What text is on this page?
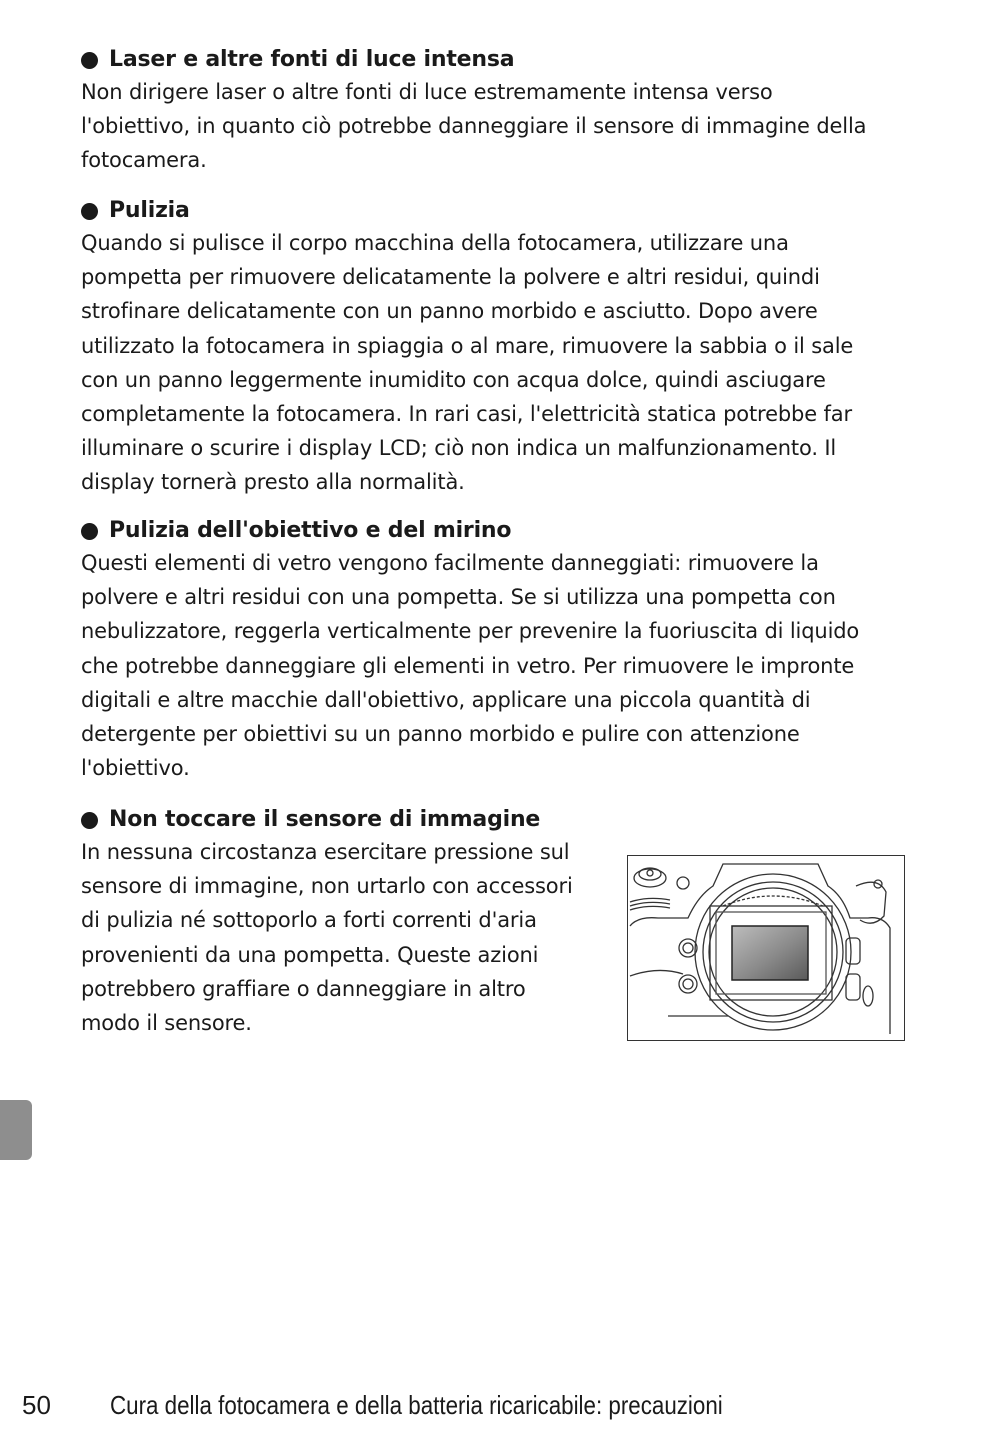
Laser e altre fonti di luce intensa
Non dirigere laser o altre fonti di luce estremamente intensa verso
l'obiettivo, in quanto ciò potrebbe danneggiare il sensore di immagine della
fotocamera.
Pulizia
Quando si pulisce il corpo macchina della fotocamera, utilizzare una
pompetta per rimuovere delicatamente la polvere e altri residui, quindi
strofinare delicatamente con un panno morbido e asciutto. Dopo avere
utilizzato la fotocamera in spiaggia o al mare, rimuovere la sabbia o il sale
con un panno leggermente inumidito con acqua dolce, quindi asciugare
completamente la fotocamera. In rari casi, l'elettricità statica potrebbe far
illuminare o scurire i display LCD; ciò non indica un malfunzionamento. Il
display tornerà presto alla normalità.
Pulizia dell'obiettivo e del mirino
Questi elementi di vetro vengono facilmente danneggiati: rimuovere la
polvere e altri residui con una pompetta. Se si utilizza una pompetta con
nebulizzatore, reggerla verticalmente per prevenire la fuoriuscita di liquido
che potrebbe danneggiare gli elementi in vetro. Per rimuovere le impronte
digitali e altre macchie dall'obiettivo, applicare una piccola quantità di
detergente per obiettivi su un panno morbido e pulire con attenzione
l'obiettivo.
Non toccare il sensore di immagine
In nessuna circostanza esercitare pressione sul
sensore di immagine, non urtarlo con accessori
di pulizia né sottoporlo a forti correnti d'aria
provenienti da una pompetta. Queste azioni
potrebbero graffiare o danneggiare in altro
modo il sensore.
50 Cura della fotocamera e della batteria ricaricabile: precauzioni
